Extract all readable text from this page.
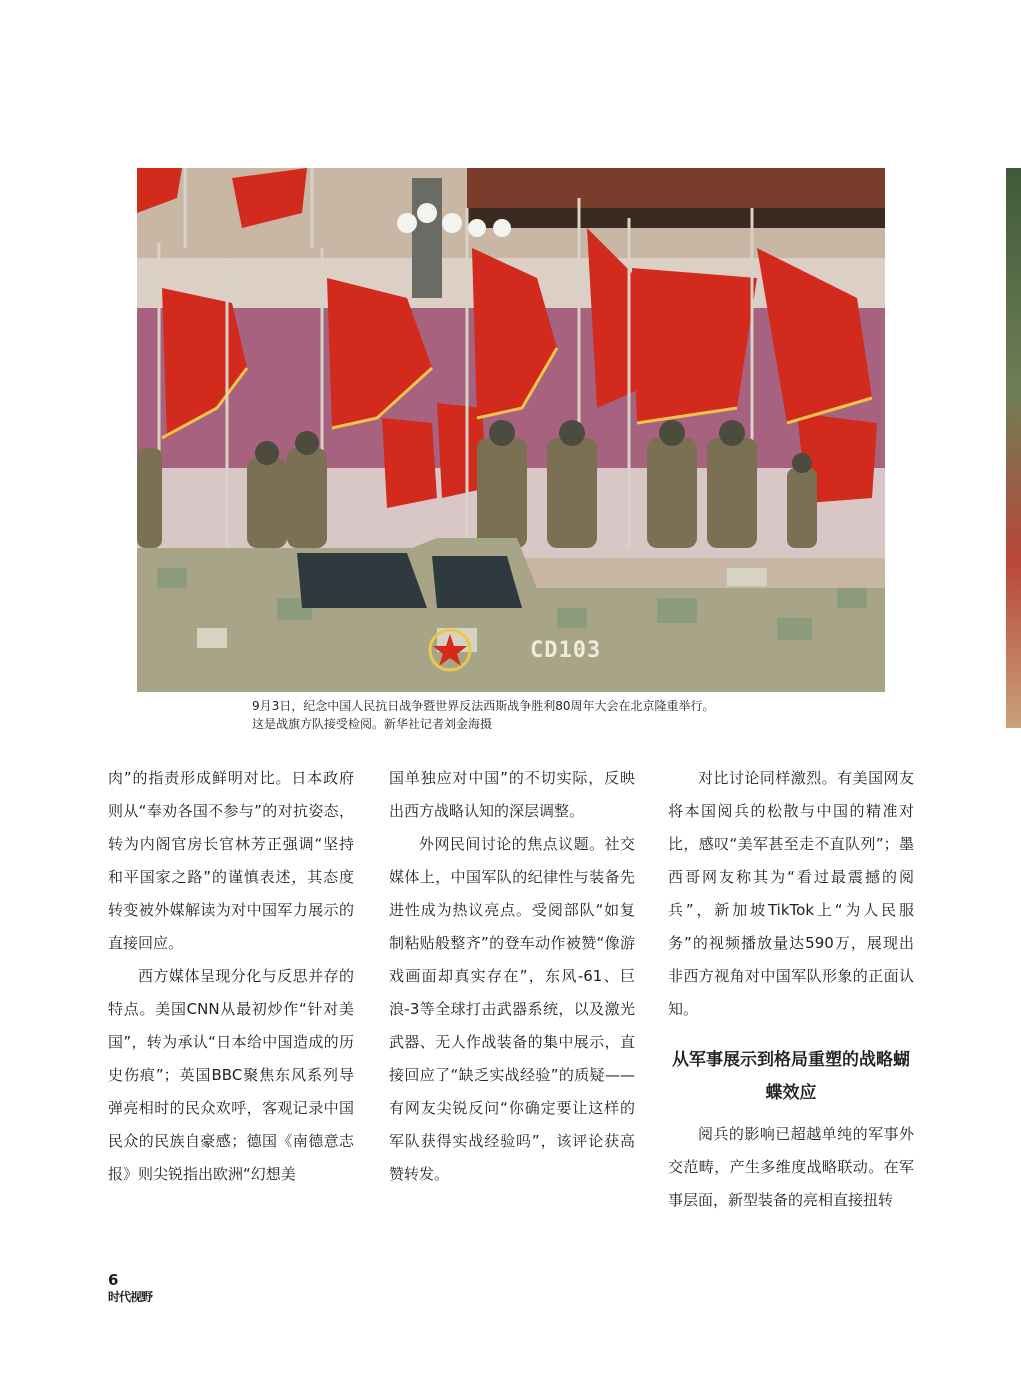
CD103

9月3日，纪念中国人民抗日战争暨世界反法西斯战争胜利80周年大会在北京隆重举行。

这是战旗方队接受检阅。新华社记者刘金海摄

肉”的指责形成鲜明对比。日本政府则从“奉劝各国不参与”的对抗姿态，转为内阁官房长官林芳正强调“坚持和平国家之路”的谨慎表述，其态度转变被外媒解读为对中国军力展示的直接回应。

西方媒体呈现分化与反思并存的特点。美国CNN从最初炒作“针对美国”，转为承认“日本给中国造成的历史伤痕”；英国BBC聚焦东风系列导弹亮相时的民众欢呼，客观记录中国民众的民族自豪感；德国《南德意志报》则尖锐指出欧洲“幻想美

国单独应对中国”的不切实际，反映出西方战略认知的深层调整。

外网民间讨论的焦点议题。社交媒体上，中国军队的纪律性与装备先进性成为热议亮点。受阅部队“如复制粘贴般整齐”的登车动作被赞“像游戏画面却真实存在”，东风-61、巨浪-3等全球打击武器系统，以及激光武器、无人作战装备的集中展示，直接回应了“缺乏实战经验”的质疑——有网友尖锐反问“你确定要让这样的军队获得实战经验吗”，该评论获高赞转发。

对比讨论同样激烈。有美国网友将本国阅兵的松散与中国的精准对比，感叹“美军甚至走不直队列”；墨西哥网友称其为“看过最震撼的阅兵”，新加坡TikTok上“为人民服务”的视频播放量达590万，展现出非西方视角对中国军队形象的正面认知。

从军事展示到格局重塑的战略蝴蝶效应

阅兵的影响已超越单纯的军事外交范畴，产生多维度战略联动。在军事层面，新型装备的亮相直接扭转

6
时代视野
